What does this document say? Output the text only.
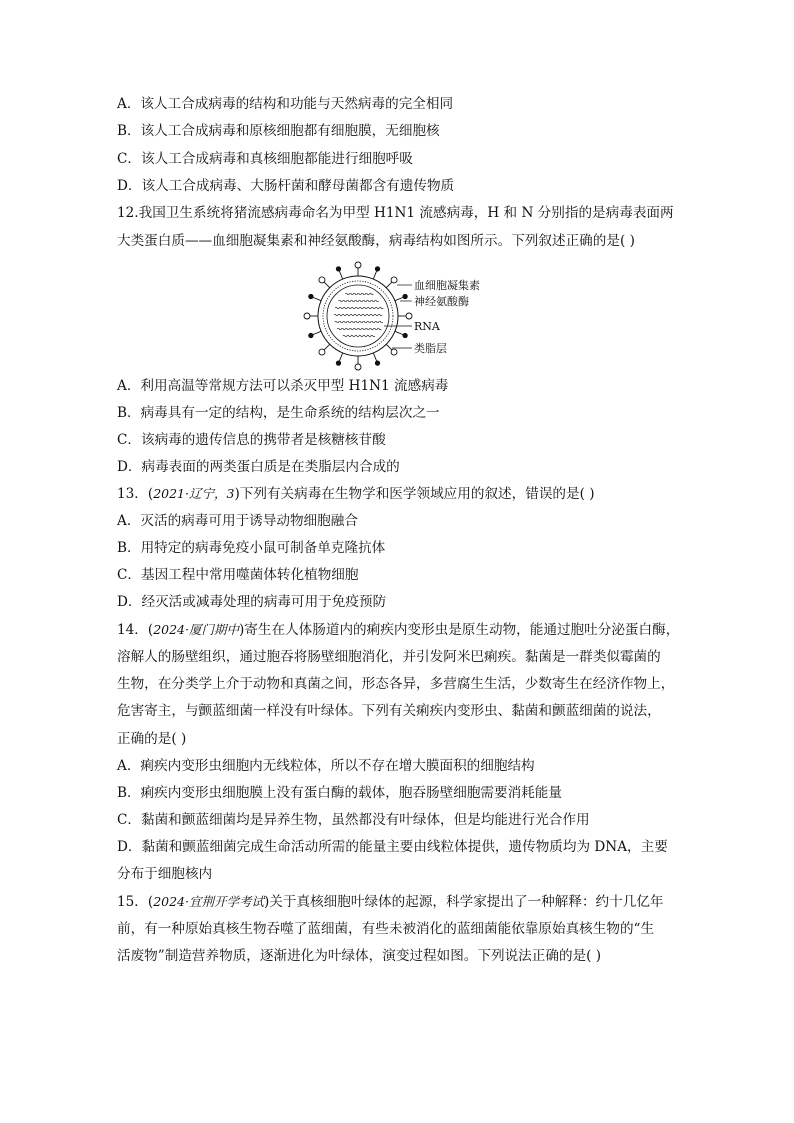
A．该人工合成病毒的结构和功能与天然病毒的完全相同
B．该人工合成病毒和原核细胞都有细胞膜，无细胞核
C．该人工合成病毒和真核细胞都能进行细胞呼吸
D．该人工合成病毒、大肠杆菌和酵母菌都含有遗传物质
12.我国卫生系统将猪流感病毒命名为甲型 H1N1 流感病毒，H 和 N 分别指的是病毒表面两
大类蛋白质——血细胞凝集素和神经氨酸酶，病毒结构如图所示。下列叙述正确的是( )
血细胞凝集素
神经氨酸酶
RNA
类脂层
A．利用高温等常规方法可以杀灭甲型 H1N1 流感病毒
B．病毒具有一定的结构，是生命系统的结构层次之一
C．该病毒的遗传信息的携带者是核糖核苷酸
D．病毒表面的两类蛋白质是在类脂层内合成的
13．(2021·辽宁，3)下列有关病毒在生物学和医学领域应用的叙述，错误的是( )
A．灭活的病毒可用于诱导动物细胞融合
B．用特定的病毒免疫小鼠可制备单克隆抗体
C．基因工程中常用噬菌体转化植物细胞
D．经灭活或减毒处理的病毒可用于免疫预防
14．(2024·厦门期中)寄生在人体肠道内的痢疾内变形虫是原生动物，能通过胞吐分泌蛋白酶，
溶解人的肠壁组织，通过胞吞将肠壁细胞消化，并引发阿米巴痢疾。黏菌是一群类似霉菌的
生物，在分类学上介于动物和真菌之间，形态各异，多营腐生生活，少数寄生在经济作物上，
危害寄主，与颤蓝细菌一样没有叶绿体。下列有关痢疾内变形虫、黏菌和颤蓝细菌的说法，
正确的是( )
A．痢疾内变形虫细胞内无线粒体，所以不存在增大膜面积的细胞结构
B．痢疾内变形虫细胞膜上没有蛋白酶的载体，胞吞肠壁细胞需要消耗能量
C．黏菌和颤蓝细菌均是异养生物，虽然都没有叶绿体，但是均能进行光合作用
D．黏菌和颤蓝细菌完成生命活动所需的能量主要由线粒体提供，遗传物质均为 DNA，主要
分布于细胞核内
15．(2024·宜荆开学考试)关于真核细胞叶绿体的起源，科学家提出了一种解释：约十几亿年
前，有一种原始真核生物吞噬了蓝细菌，有些未被消化的蓝细菌能依靠原始真核生物的“生
活废物”制造营养物质，逐渐进化为叶绿体，演变过程如图。下列说法正确的是( )
